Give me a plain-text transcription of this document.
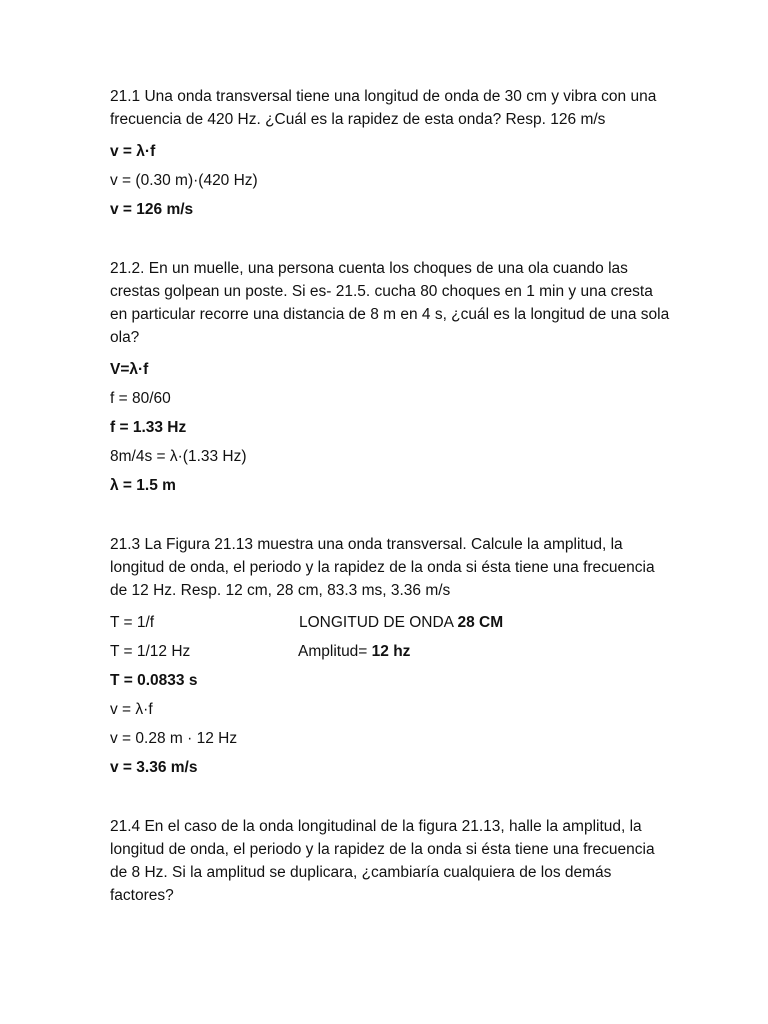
21.1 Una onda transversal tiene una longitud de onda de 30 cm y vibra con una frecuencia de 420 Hz. ¿Cuál es la rapidez de esta onda? Resp. 126 m/s

v = λ·f

v = (0.30 m)·(420 Hz)

v = 126 m/s

21.2. En un muelle, una persona cuenta los choques de una ola cuando las crestas golpean un poste. Si es- 21.5. cucha 80 choques en 1 min y una cresta en particular recorre una distancia de 8 m en 4 s, ¿cuál es la longitud de una sola ola?

V=λ·f

f = 80/60

f = 1.33 Hz

8m/4s = λ·(1.33 Hz)

λ = 1.5 m

21.3 La Figura 21.13 muestra una onda transversal. Calcule la amplitud, la longitud de onda, el periodo y la rapidez de la onda si ésta tiene una frecuencia de 12 Hz. Resp. 12 cm, 28 cm, 83.3 ms, 3.36 m/s

T = 1/f	LONGITUD DE ONDA 28 CM
T = 1/12 Hz	Amplitud= 12 hz

T = 0.0833 s

v = λ·f

v = 0.28 m · 12 Hz

v = 3.36 m/s

21.4 En el caso de la onda longitudinal de la figura 21.13, halle la amplitud, la longitud de onda, el periodo y la rapidez de la onda si ésta tiene una frecuencia de 8 Hz. Si la amplitud se duplicara, ¿cambiaría cualquiera de los demás factores?
